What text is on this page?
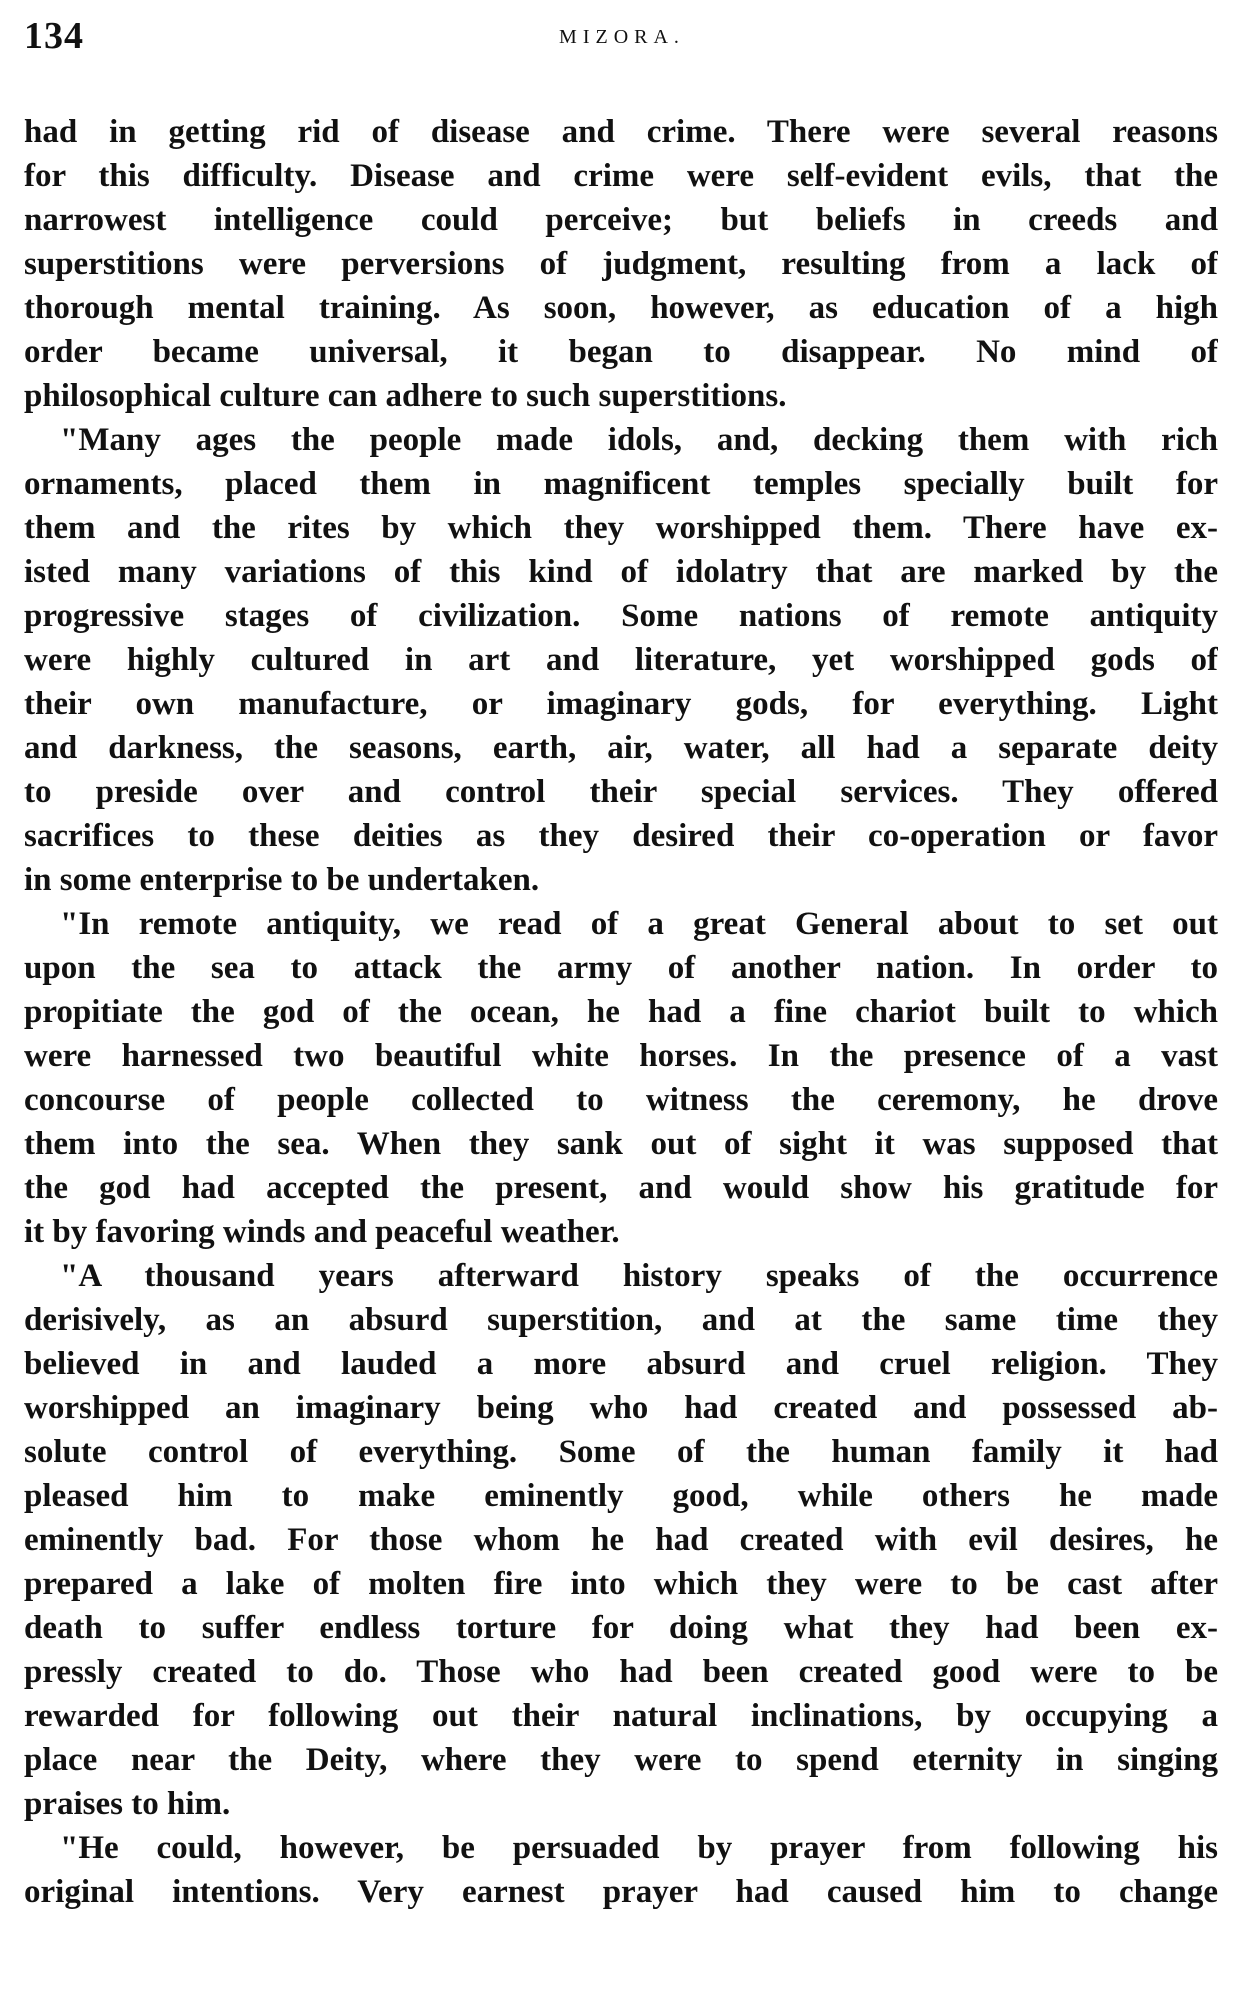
134	MIZORA.
had in getting rid of disease and crime. There were several reasons
for this difficulty. Disease and crime were self-evident evils, that the
narrowest intelligence could perceive; but beliefs in creeds and
superstitions were perversions of judgment, resulting from a lack of
thorough mental training. As soon, however, as education of a high
order became universal, it began to disappear. No mind of
philosophical culture can adhere to such superstitions.
"Many ages the people made idols, and, decking them with rich
ornaments, placed them in magnificent temples specially built for
them and the rites by which they worshipped them. There have ex-
isted many variations of this kind of idolatry that are marked by the
progressive stages of civilization. Some nations of remote antiquity
were highly cultured in art and literature, yet worshipped gods of
their own manufacture, or imaginary gods, for everything. Light
and darkness, the seasons, earth, air, water, all had a separate deity
to preside over and control their special services. They offered
sacrifices to these deities as they desired their co-operation or favor
in some enterprise to be undertaken.
"In remote antiquity, we read of a great General about to set out
upon the sea to attack the army of another nation. In order to
propitiate the god of the ocean, he had a fine chariot built to which
were harnessed two beautiful white horses. In the presence of a vast
concourse of people collected to witness the ceremony, he drove
them into the sea. When they sank out of sight it was supposed that
the god had accepted the present, and would show his gratitude for
it by favoring winds and peaceful weather.
"A thousand years afterward history speaks of the occurrence
derisively, as an absurd superstition, and at the same time they
believed in and lauded a more absurd and cruel religion. They
worshipped an imaginary being who had created and possessed ab-
solute control of everything. Some of the human family it had
pleased him to make eminently good, while others he made
eminently bad. For those whom he had created with evil desires, he
prepared a lake of molten fire into which they were to be cast after
death to suffer endless torture for doing what they had been ex-
pressly created to do. Those who had been created good were to be
rewarded for following out their natural inclinations, by occupying a
place near the Deity, where they were to spend eternity in singing
praises to him.
"He could, however, be persuaded by prayer from following his
original intentions. Very earnest prayer had caused him to change
